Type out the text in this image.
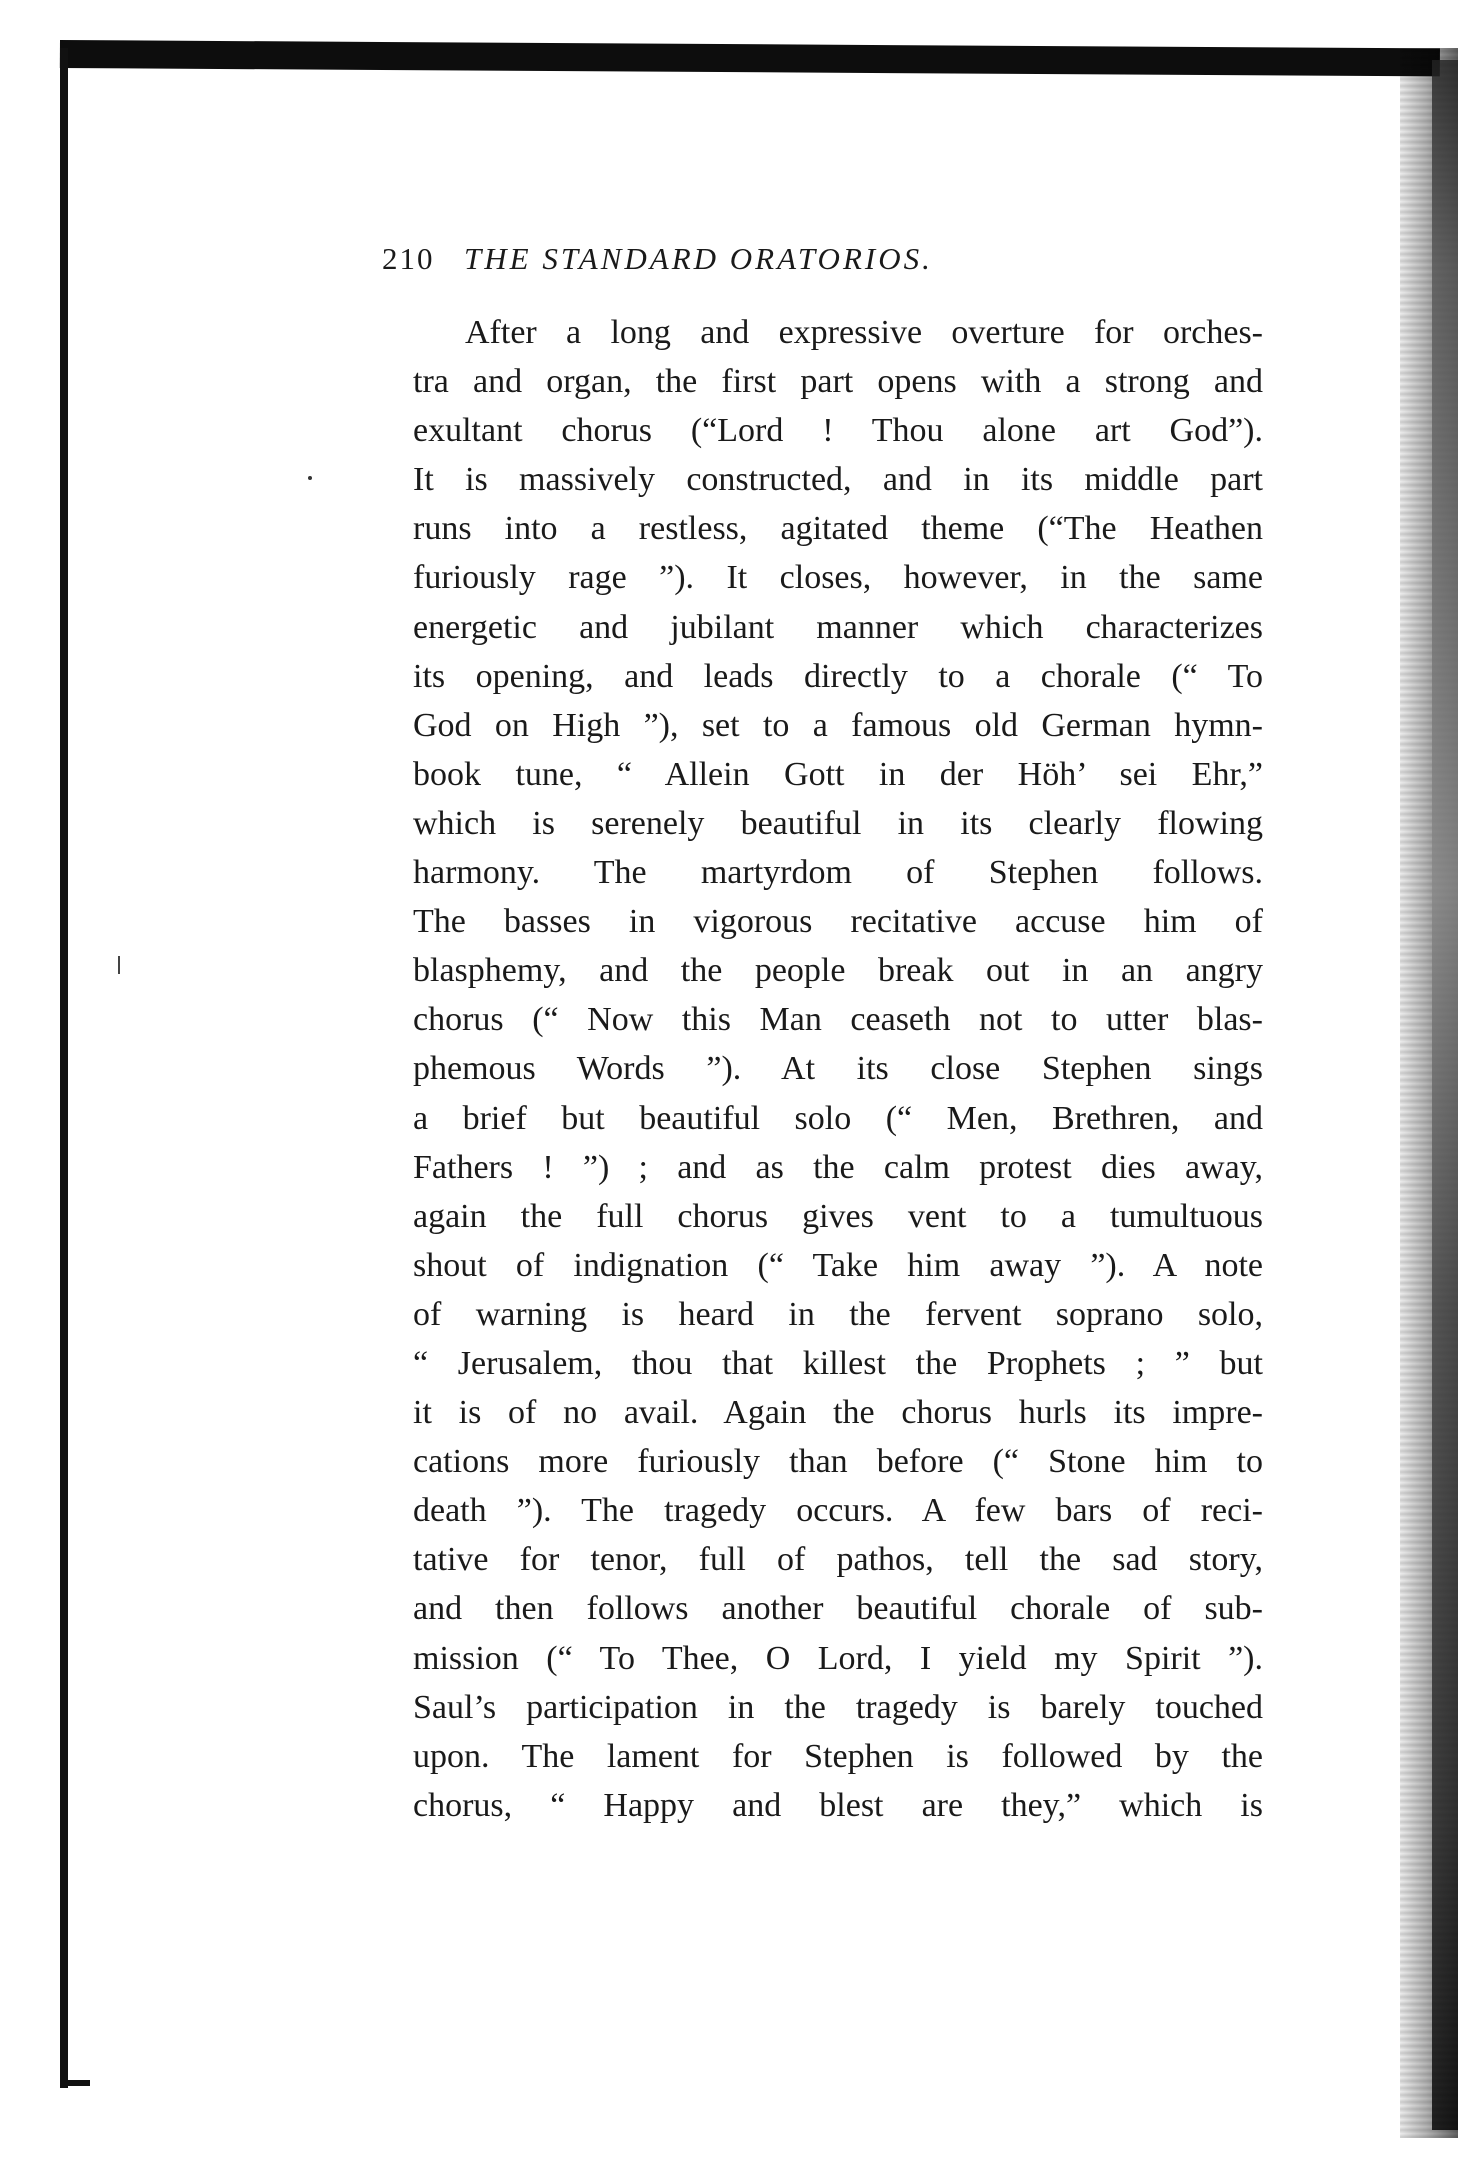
210 THE STANDARD ORATORIOS.
After a long and expressive overture for orches-
tra and organ, the first part opens with a strong and
exultant chorus (“Lord ! Thou alone art God”).
It is massively constructed, and in its middle part
runs into a restless, agitated theme (“The Heathen
furiously rage ”). It closes, however, in the same
energetic and jubilant manner which characterizes
its opening, and leads directly to a chorale (“ To
God on High ”), set to a famous old German hymn-
book tune, “ Allein Gott in der Höh’ sei Ehr,”
which is serenely beautiful in its clearly flowing
harmony. The martyrdom of Stephen follows.
The basses in vigorous recitative accuse him of
blasphemy, and the people break out in an angry
chorus (“ Now this Man ceaseth not to utter blas-
phemous Words ”). At its close Stephen sings
a brief but beautiful solo (“ Men, Brethren, and
Fathers ! ”) ; and as the calm protest dies away,
again the full chorus gives vent to a tumultuous
shout of indignation (“ Take him away ”). A note
of warning is heard in the fervent soprano solo,
“ Jerusalem, thou that killest the Prophets ; ” but
it is of no avail. Again the chorus hurls its impre-
cations more furiously than before (“ Stone him to
death ”). The tragedy occurs. A few bars of reci-
tative for tenor, full of pathos, tell the sad story,
and then follows another beautiful chorale of sub-
mission (“ To Thee, O Lord, I yield my Spirit ”).
Saul’s participation in the tragedy is barely touched
upon. The lament for Stephen is followed by the
chorus, “ Happy and blest are they,” which is
